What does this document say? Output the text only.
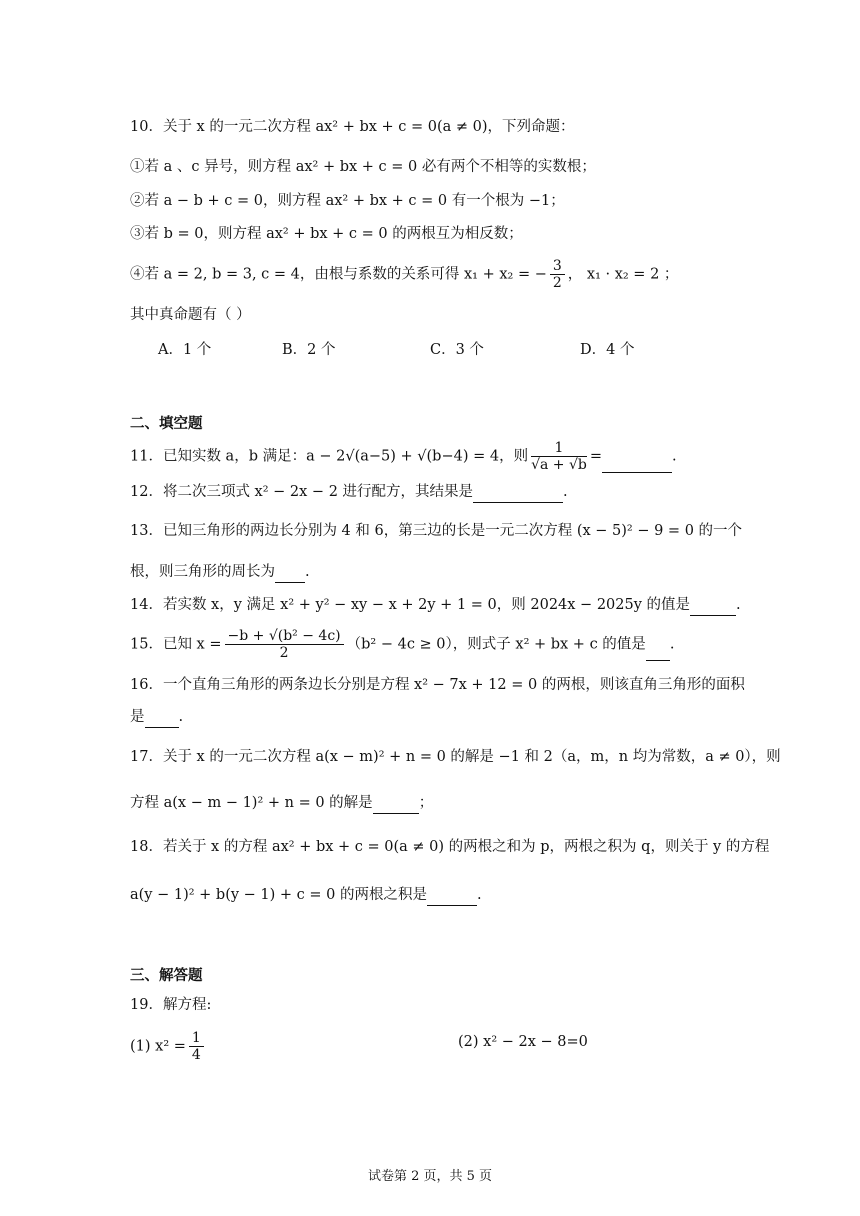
10．关于 x 的一元二次方程 ax² + bx + c = 0(a ≠ 0)，下列命题：
①若 a 、c 异号，则方程 ax² + bx + c = 0 必有两个不相等的实数根；
②若 a − b + c = 0，则方程 ax² + bx + c = 0 有一个根为 −1；
③若 b = 0，则方程 ax² + bx + c = 0 的两根互为相反数；
④若 a = 2, b = 3, c = 4，由根与系数的关系可得 x₁ + x₂ = − $\frac{3}{2}$ ， x₁ · x₂ = 2 ；
其中真命题有（ ）
A．1 个	B．2 个	C．3 个	D．4 个
二、填空题
11．已知实数 a，b 满足：a − 2√(a−5) + √(b−4) = 4，则 $\frac{1}{√a + √b}$ =	.
12．将二次三项式 x² − 2x − 2 进行配方，其结果是	.
13．已知三角形的两边长分别为 4 和 6，第三边的长是一元二次方程 (x − 5)² − 9 = 0 的一个
根，则三角形的周长为 .
14．若实数 x，y 满足 x² + y² − xy − x + 2y + 1 = 0，则 2024x − 2025y 的值是	.
15．已知 $x = \frac{\text{−b + √(b² − 4c)}}{2} (b^2 - 4c \ge 0)$，则式子 x² + bx + c 的值是 .
16．一个直角三角形的两条边长分别是方程 x² − 7x + 12 = 0 的两根，则该直角三角形的面积
是 .
17．关于 x 的一元二次方程 a(x − m)² + n = 0 的解是 −1 和 2（a，m，n 均为常数，a ≠ 0），则
方程 a(x − m − 1)² + n = 0 的解是	；
18．若关于 x 的方程 ax² + bx + c = 0(a ≠ 0) 的两根之和为 p，两根之积为 q，则关于 y 的方程
a(y − 1)² + b(y − 1) + c = 0 的两根之积是	.
三、解答题
19．解方程:
(1) $x^2 = \frac{1}{4}$	(2) x² − 2x − 8=0
试卷第 2 页，共 5 页
